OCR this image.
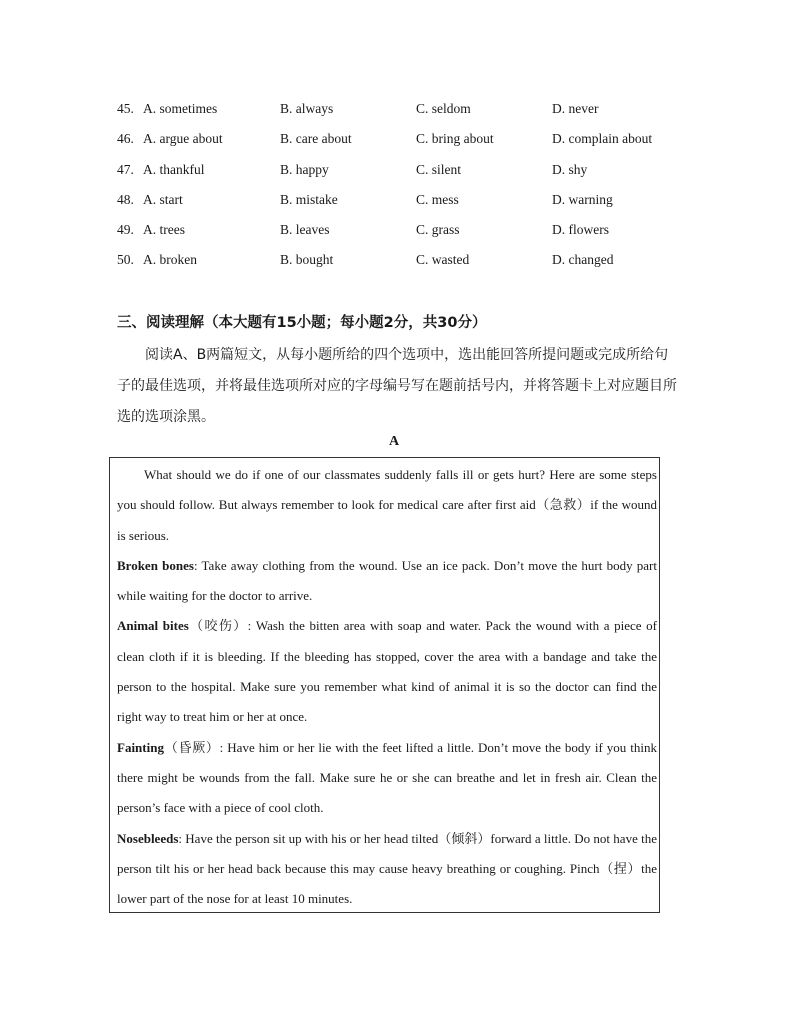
45. A. sometimes	B. always	C. seldom	D. never
46. A. argue about	B. care about	C. bring about	D. complain about
47. A. thankful	B. happy	C. silent	D. shy
48. A. start	B. mistake	C. mess	D. warning
49. A. trees	B. leaves	C. grass	D. flowers
50. A. broken	B. bought	C. wasted	D. changed
三、阅读理解（本大题有15小题；每小题2分，共30分）
阅读A、B两篇短文，从每小题所给的四个选项中，选出能回答所提问题或完成所给句子的最佳选项，并将最佳选项所对应的字母编号写在题前括号内，并将答题卡上对应题目所选的选项涂黑。
A

What should we do if one of our classmates suddenly falls ill or gets hurt? Here are some steps you should follow. But always remember to look for medical care after first aid（急救）if the wound is serious.

Broken bones: Take away clothing from the wound. Use an ice pack. Don’t move the hurt body part while waiting for the doctor to arrive.

Animal bites（咬伤）: Wash the bitten area with soap and water. Pack the wound with a piece of clean cloth if it is bleeding. If the bleeding has stopped, cover the area with a bandage and take the person to the hospital. Make sure you remember what kind of animal it is so the doctor can find the right way to treat him or her at once.

Fainting（昏厥）: Have him or her lie with the feet lifted a little. Don’t move the body if you think there might be wounds from the fall. Make sure he or she can breathe and let in fresh air. Clean the person’s face with a piece of cool cloth.

Nosebleeds: Have the person sit up with his or her head tilted（倾斜）forward a little. Do not have the person tilt his or her head back because this may cause heavy breathing or coughing. Pinch（捏）the lower part of the nose for at least 10 minutes.
